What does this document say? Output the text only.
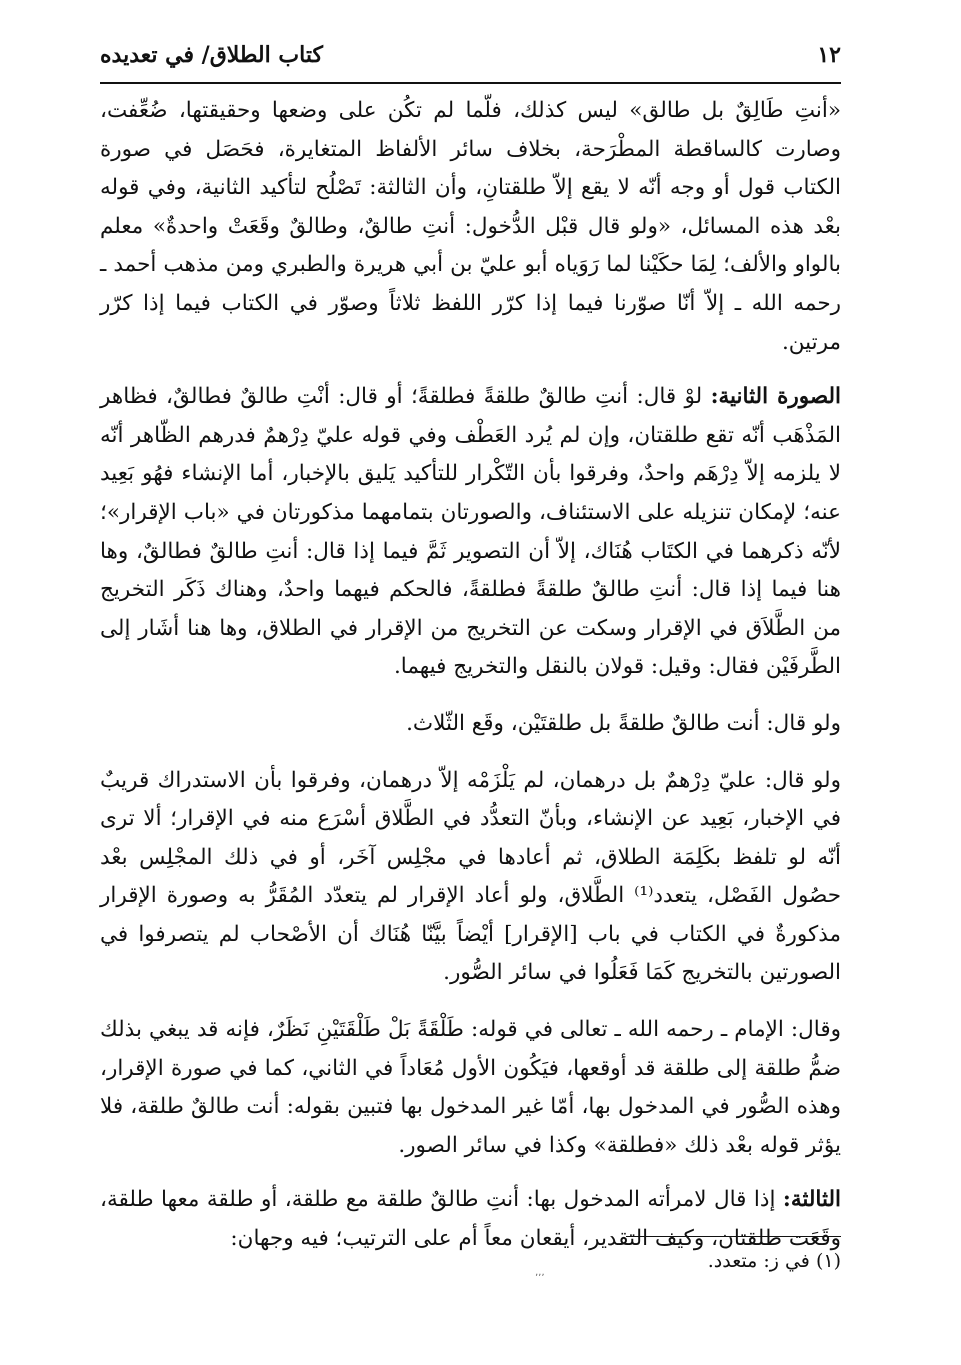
١٢
كتاب الطلاق/ في تعديده

«أنتِ طَالِقٌ بل طالق» ليس كذلك، فلّما لم تكُن على وضعها وحقيقتها، ضُعِّفت، وصارت كالساقطة المطْرَحة، بخلاف سائر الألفاظ المتغايرة، فحَصَل في صورة الكتاب قول أو وجه أنّه لا يقع إلاّ طلقتانِ، وأن الثالثة: تَصْلُح لتأكيد الثانية، وفي قوله بعْد هذه المسائل، «ولو قال قبْل الدُّخول: أنتِ طالقٌ، وطالقٌ وقَعَتْ واحدةٌ» معلم بالواو والألف؛ لِمَا حكَيْنا لما رَوَياه أبو عليّ بن أبي هريرة والطبري ومن مذهب أحمد ـ رحمه الله ـ إلاّ أنّا صوّرنا فيما إذا كرّر اللفظ ثلاثاً وصوّر في الكتاب فيما إذا كرّر مرتين.

الصورة الثانية: لوْ قال: أنتِ طالقٌ طلقةً فطلقةً؛ أو قال: أنْتِ طالقٌ فطالقٌ، فظاهر المَذْهَب أنّه تقع طلقتان، وإن لم يُرد العَطْف وفي قوله عليّ دِرْهمٌ فدرهم الظّاهر أنّه لا يلزمه إلاّ دِرْهَم واحدٌ، وفرقوا بأن التّكْرار للتأكيد يَليق بالإخبار، أما الإنشاء فهُو بَعِيد عنه؛ لإمكان تنزيله على الاستئناف، والصورتان بتمامهما مذكورتان في «باب الإقرار»؛ لأنّه ذكرهما في الكتَاب هُنَاك، إلاّ أن التصوير ثَمَّ فيما إذا قال: أنتِ طالقٌ فطالقٌ، وها هنا فيما إذا قال: أنتِ طالقٌ طلقةً فطلقةً، فالحكم فيهما واحدٌ، وهناك ذَكَر التخريج من الطَّلاَق في الإقرار وسكت عن التخريج من الإقرار في الطلاق، وها هنا أشَار إلى الطَّرفَيْن فقال: وقيل: قولان بالنقل والتخريج فيهما.

ولو قال: أنت طالقٌ طلقةً بل طلقتَيْن، وقَع الثّلاث.

ولو قال: عليّ دِرْهمٌ بل درهمان، لم يَلْزَمْه إلاّ درهمان، وفرقوا بأن الاستدراك قريبٌ في الإخبار، بَعِيد عن الإنشاء، وبأنّ التعدُّد في الطَّلاق أسْرَع منه في الإقرار؛ ألا ترى أنّه لو تلفظ بكَلِمَة الطلاق، ثم أعادها في مجْلِس آخَر، أو في ذلك المجْلِس بعْد حصُول الفَصْل، يتعدد⁽¹⁾ الطَّلاق، ولو أعاد الإقرار لم يتعدّد المُقَرُّ به وصورة الإقرار مذكورةٌ في الكتاب في باب [الإقرار] أيْضاً بيَّنّا هُنَاك أن الأصْحاب لم يتصرفوا في الصورتين بالتخريج كَمَا فَعَلُوا في سائر الصُّور.

وقال: الإمام ـ رحمه الله ـ تعالى في قوله: طَلْقَةً بَلْ طَلْقَتَيْنِ نَظَرٌ، فإنه قد يبغي بذلك ضمُّ طلقة إلى طلقة قد أوقعها، فيَكُون الأول مُعَاداً في الثاني، كما في صورة الإقرار، وهذه الصُّور في المدخول بها، أمّا غير المدخول بها فتبين بقوله: أنت طالقٌ طلقة، فلا يؤثر قوله بعْد ذلك «فطلقة» وكذا في سائر الصور.

الثالثة: إذا قال لامرأته المدخول بها: أنتِ طالقٌ طلقة مع طلقة، أو طلقة معها طلقة، وقَعَت طلقتان، وكيف التقدير، أيقعان معاً أم على الترتيب؛ فيه وجهان:

(١) في ز: متعدد.
٬٬٬
